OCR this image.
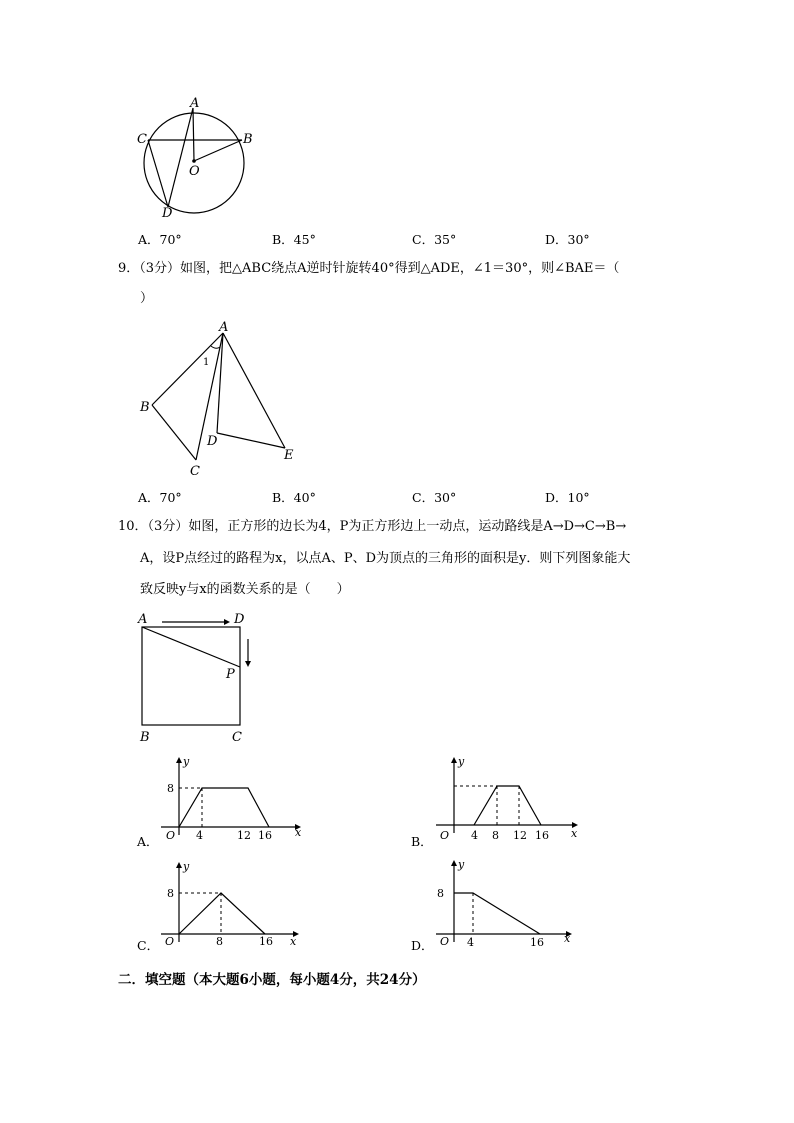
A
B
C
D
O
A．70°	B．45°	C．35°	D．30°
9．（3分）如图，把△ABC绕点A逆时针旋转40°得到△ADE，∠1＝30°，则∠BAE＝（
）
A
B
C
D
E
1
A．70°	B．40°	C．30°	D．10°
10．（3分）如图，正方形的边长为4，P为正方形边上一动点，运动路线是A→D→C→B→
A，设P点经过的路程为x，以点A、P、D为顶点的三角形的面积是y．则下列图象能大
致反映y与x的函数关系的是（　　）
A	D
B	C
P
A．
8
O 4	12 16 x
y
B． O 4 8 12 16 x
y
C．
8
O	8	16 x
y
D．
8
O 4	16 x
y
二．填空题（本大题6小题，每小题4分，共24分）
